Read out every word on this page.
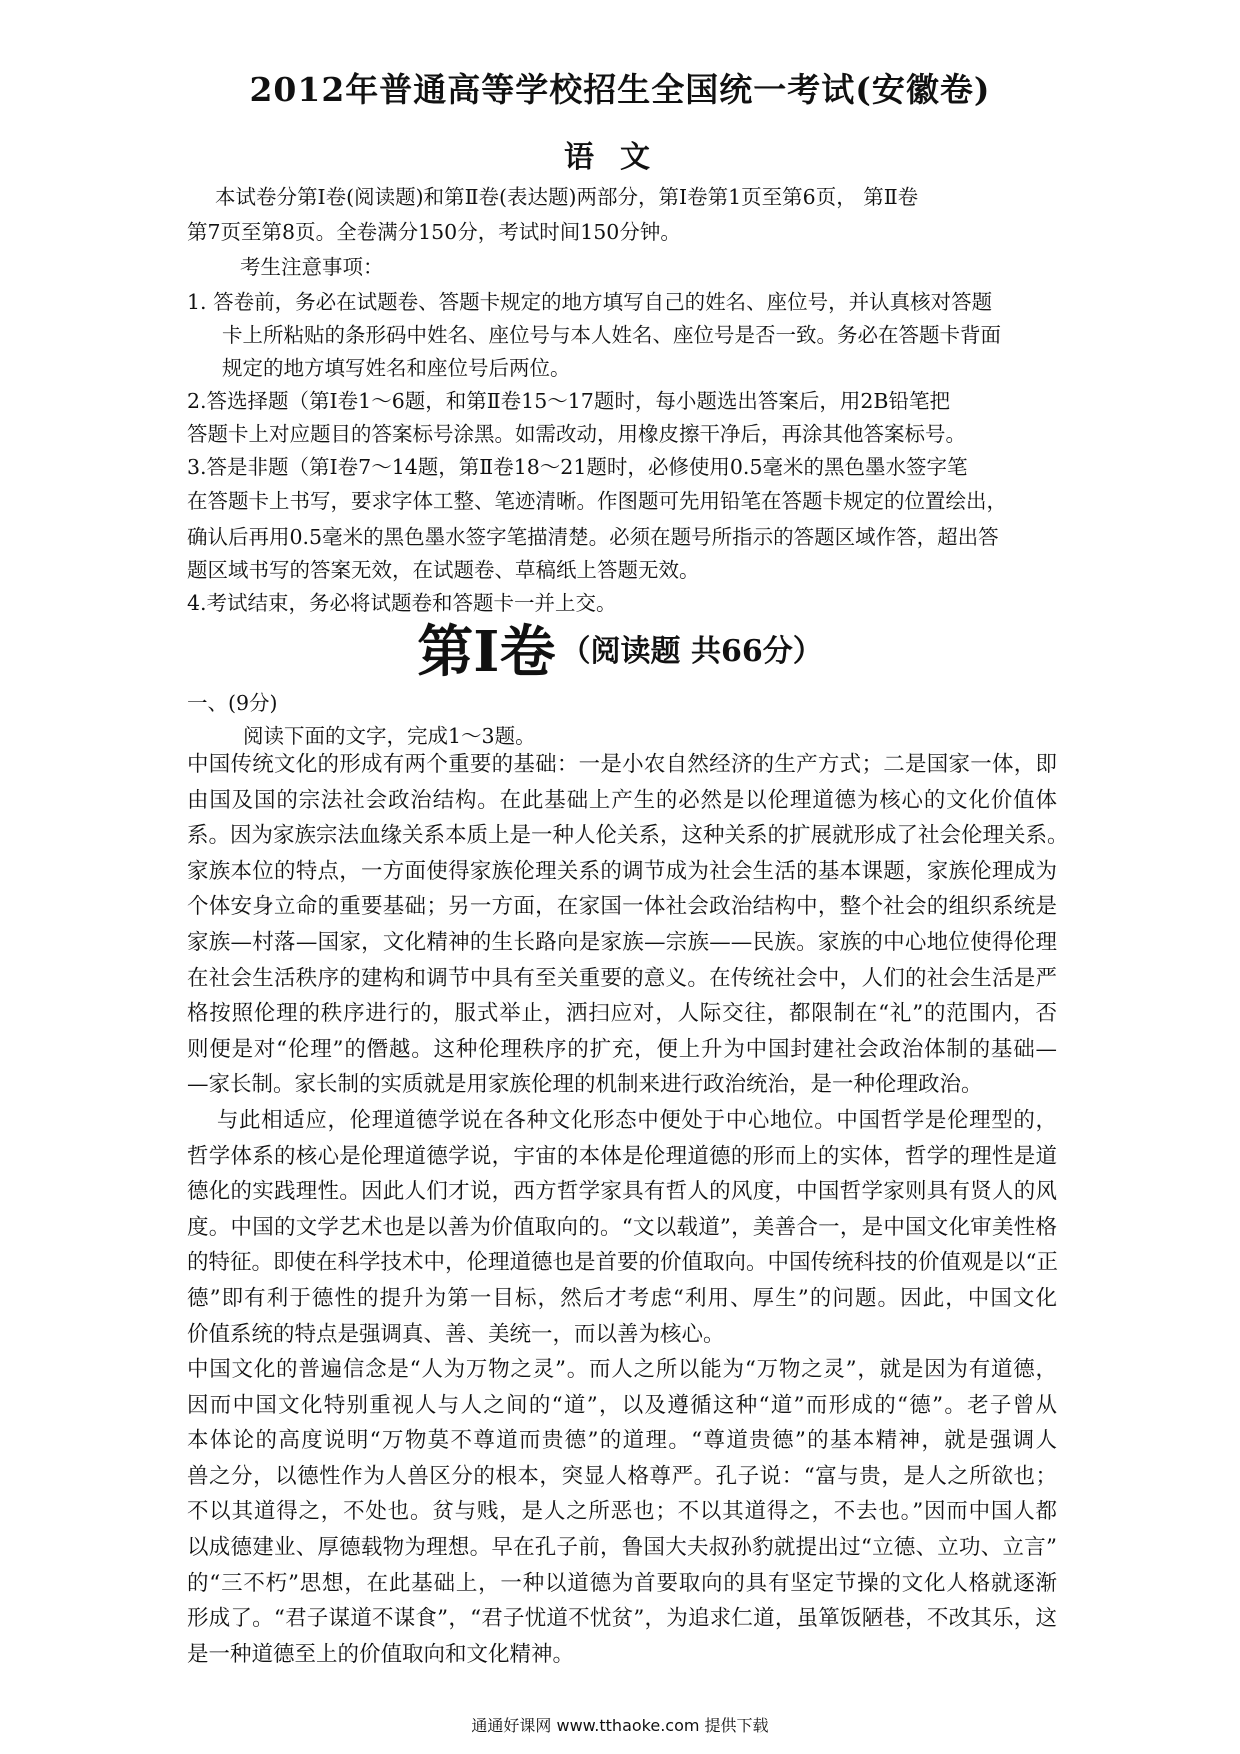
2012年普通高等学校招生全国统一考试(安徽卷)
语文
本试卷分第Ⅰ卷(阅读题)和第Ⅱ卷(表达题)两部分，第Ⅰ卷第1页至第6页， 第Ⅱ卷
第7页至第8页。全卷满分150分，考试时间150分钟。
考生注意事项：
1. 答卷前，务必在试题卷、答题卡规定的地方填写自己的姓名、座位号，并认真核对答题
卡上所粘贴的条形码中姓名、座位号与本人姓名、座位号是否一致。务必在答题卡背面
规定的地方填写姓名和座位号后两位。
2.答选择题（第Ⅰ卷1～6题，和第Ⅱ卷15～17题时，每小题选出答案后，用2B铅笔把
答题卡上对应题目的答案标号涂黑。如需改动，用橡皮擦干净后，再涂其他答案标号。
3.答是非题（第Ⅰ卷7～14题，第Ⅱ卷18～21题时，必修使用0.5毫米的黑色墨水签字笔
在答题卡上书写，要求字体工整、笔迹清晰。作图题可先用铅笔在答题卡规定的位置绘出，
确认后再用0.5毫米的黑色墨水签字笔描清楚。必须在题号所指示的答题区域作答，超出答
题区域书写的答案无效，在试题卷、草稿纸上答题无效。
4.考试结束，务必将试题卷和答题卡一并上交。
第Ⅰ卷 （阅读题 共66分）
一、(9分)
阅读下面的文字，完成1～3题。

中国传统文化的形成有两个重要的基础：一是小农自然经济的生产方式；二是国家一体，即

由国及国的宗法社会政治结构。在此基础上产生的必然是以伦理道德为核心的文化价值体

系。因为家族宗法血缘关系本质上是一种人伦关系，这种关系的扩展就形成了社会伦理关系。

家族本位的特点，一方面使得家族伦理关系的调节成为社会生活的基本课题，家族伦理成为

个体安身立命的重要基础；另一方面，在家国一体社会政治结构中，整个社会的组织系统是

家族—村落—国家，文化精神的生长路向是家族—宗族——民族。家族的中心地位使得伦理

在社会生活秩序的建构和调节中具有至关重要的意义。在传统社会中，人们的社会生活是严

格按照伦理的秩序进行的，服式举止，洒扫应对，人际交往，都限制在“礼”的范围内，否

则便是对“伦理”的僭越。这种伦理秩序的扩充，便上升为中国封建社会政治体制的基础—

—家长制。家长制的实质就是用家族伦理的机制来进行政治统治，是一种伦理政治。

与此相适应，伦理道德学说在各种文化形态中便处于中心地位。中国哲学是伦理型的，

哲学体系的核心是伦理道德学说，宇宙的本体是伦理道德的形而上的实体，哲学的理性是道

德化的实践理性。因此人们才说，西方哲学家具有哲人的风度，中国哲学家则具有贤人的风

度。中国的文学艺术也是以善为价值取向的。“文以载道”，美善合一，是中国文化审美性格

的特征。即使在科学技术中，伦理道德也是首要的价值取向。中国传统科技的价值观是以“正

德”即有利于德性的提升为第一目标，然后才考虑“利用、厚生”的问题。因此，中国文化

价值系统的特点是强调真、善、美统一，而以善为核心。

中国文化的普遍信念是“人为万物之灵”。而人之所以能为“万物之灵”，就是因为有道德，

因而中国文化特别重视人与人之间的“道”，以及遵循这种“道”而形成的“德”。老子曾从

本体论的高度说明“万物莫不尊道而贵德”的道理。“尊道贵德”的基本精神，就是强调人

兽之分，以德性作为人兽区分的根本，突显人格尊严。孔子说：“富与贵，是人之所欲也；

不以其道得之，不处也。贫与贱，是人之所恶也；不以其道得之，不去也。”因而中国人都

以成德建业、厚德载物为理想。早在孔子前，鲁国大夫叔孙豹就提出过“立德、立功、立言”

的“三不朽”思想，在此基础上，一种以道德为首要取向的具有坚定节操的文化人格就逐渐

形成了。“君子谋道不谋食”，“君子忧道不忧贫”，为追求仁道，虽箪饭陋巷，不改其乐，这

是一种道德至上的价值取向和文化精神。

通通好课网 www.tthaoke.com 提供下载
